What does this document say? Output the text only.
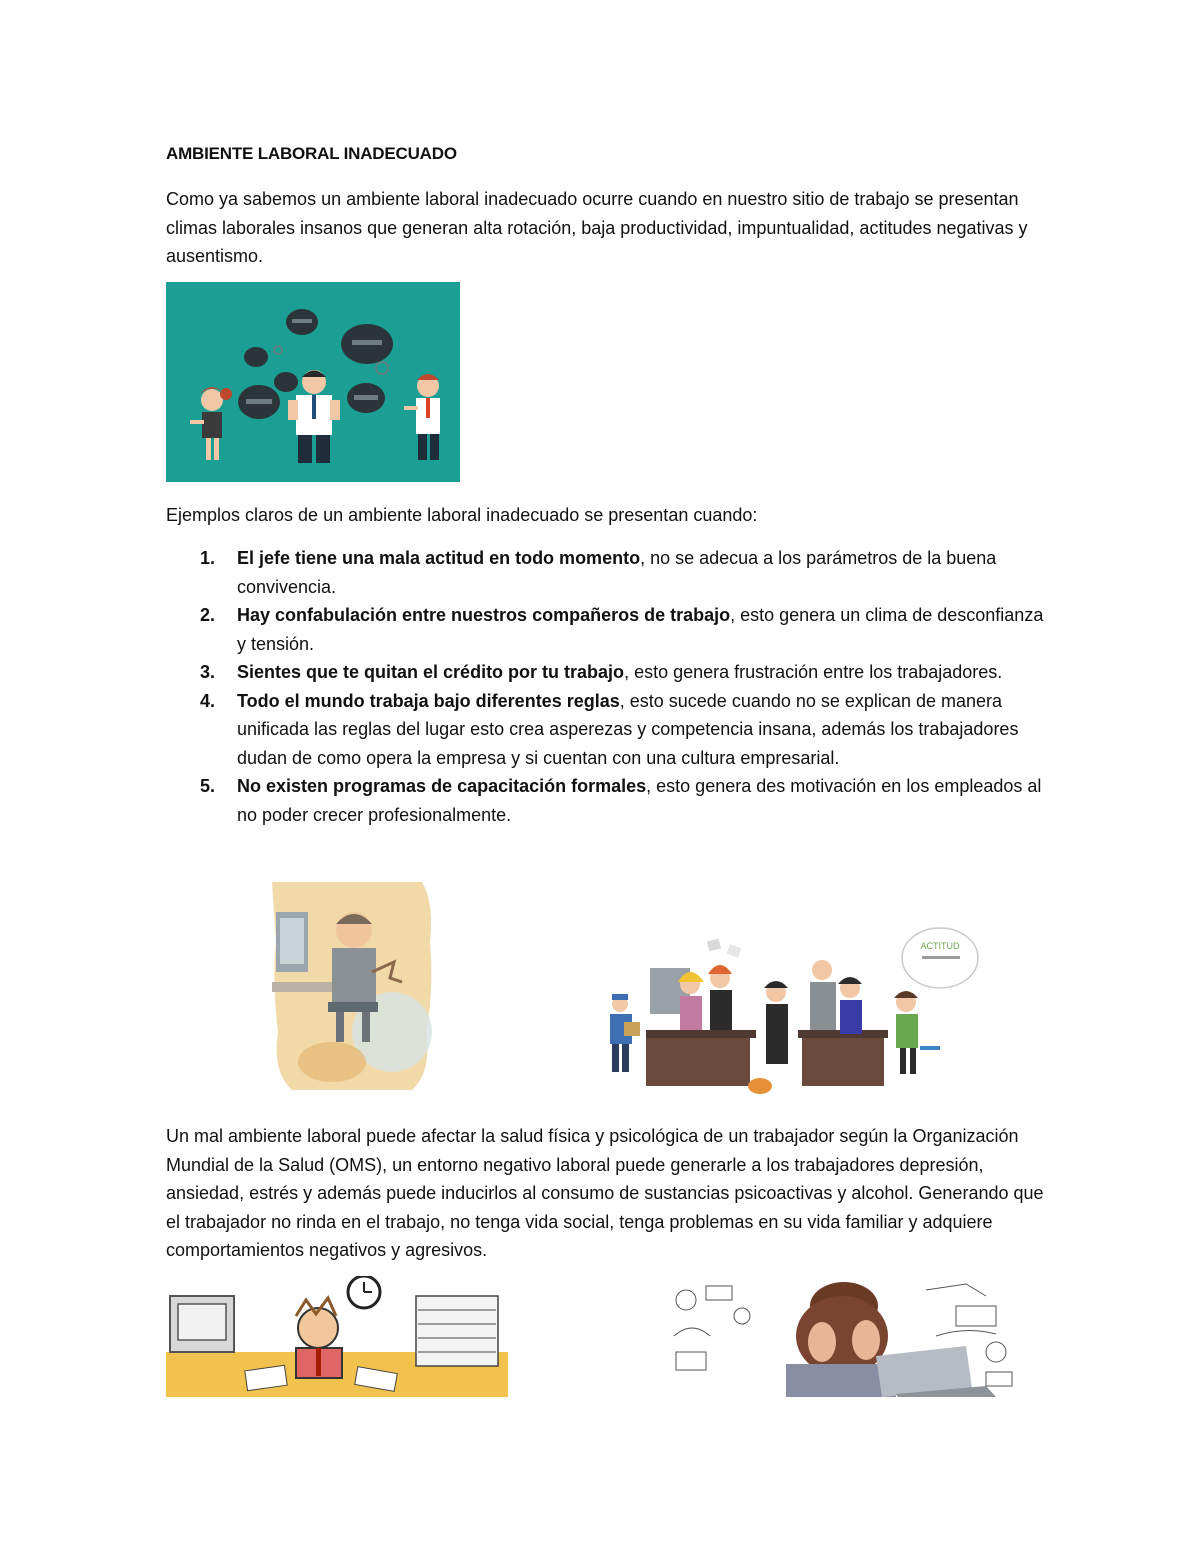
AMBIENTE LABORAL INADECUADO

Como ya sabemos un ambiente laboral inadecuado ocurre cuando en nuestro sitio de trabajo se presentan climas laborales insanos que generan alta rotación, baja productividad, impuntualidad, actitudes negativas y ausentismo.

Ejemplos claros de un ambiente laboral inadecuado se presentan cuando:

1. El jefe tiene una mala actitud en todo momento, no se adecua a los parámetros de la buena convivencia.
2. Hay confabulación entre nuestros compañeros de trabajo, esto genera un clima de desconfianza y tensión.
3. Sientes que te quitan el crédito por tu trabajo, esto genera frustración entre los trabajadores.
4. Todo el mundo trabaja bajo diferentes reglas, esto sucede cuando no se explican de manera unificada las reglas del lugar esto crea asperezas y competencia insana, además los trabajadores dudan de como opera la empresa y si cuentan con una cultura empresarial.
5. No existen programas de capacitación formales, esto genera des motivación en los empleados al no poder crecer profesionalmente.
ACTITUD

Un mal ambiente laboral puede afectar la salud física y psicológica de un trabajador según la Organización Mundial de la Salud (OMS), un entorno negativo laboral puede generarle a los trabajadores depresión, ansiedad, estrés y además puede inducirlos al consumo de sustancias psicoactivas y alcohol. Generando que el trabajador no rinda en el trabajo, no tenga vida social, tenga problemas en su vida familiar y adquiere comportamientos negativos y agresivos.
